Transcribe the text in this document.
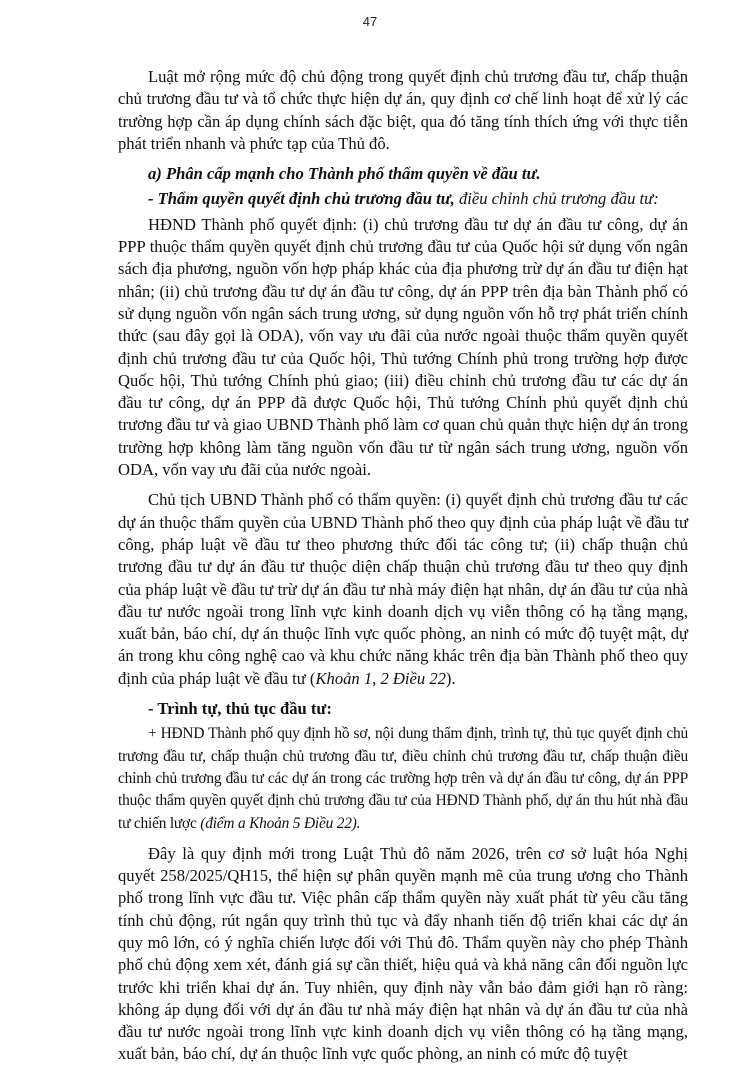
47

Luật mở rộng mức độ chủ động trong quyết định chủ trương đầu tư, chấp thuận chủ trương đầu tư và tổ chức thực hiện dự án, quy định cơ chế linh hoạt để xử lý các trường hợp cần áp dụng chính sách đặc biệt, qua đó tăng tính thích ứng với thực tiễn phát triển nhanh và phức tạp của Thủ đô.

a) Phân cấp mạnh cho Thành phố thẩm quyền về đầu tư.

- Thẩm quyền quyết định chủ trương đầu tư, điều chỉnh chủ trương đầu tư:

HĐND Thành phố quyết định: (i) chủ trương đầu tư dự án đầu tư công, dự án PPP thuộc thẩm quyền quyết định chủ trương đầu tư của Quốc hội sử dụng vốn ngân sách địa phương, nguồn vốn hợp pháp khác của địa phương trừ dự án đầu tư điện hạt nhân; (ii) chủ trương đầu tư dự án đầu tư công, dự án PPP trên địa bàn Thành phố có sử dụng nguồn vốn ngân sách trung ương, sử dụng nguồn vốn hỗ trợ phát triển chính thức (sau đây gọi là ODA), vốn vay ưu đãi của nước ngoài thuộc thẩm quyền quyết định chủ trương đầu tư của Quốc hội, Thủ tướng Chính phủ trong trường hợp được Quốc hội, Thủ tướng Chính phủ giao; (iii) điều chỉnh chủ trương đầu tư các dự án đầu tư công, dự án PPP đã được Quốc hội, Thủ tướng Chính phủ quyết định chủ trương đầu tư và giao UBND Thành phố làm cơ quan chủ quản thực hiện dự án trong trường hợp không làm tăng nguồn vốn đầu tư từ ngân sách trung ương, nguồn vốn ODA, vốn vay ưu đãi của nước ngoài.

Chủ tịch UBND Thành phố có thẩm quyền: (i) quyết định chủ trương đầu tư các dự án thuộc thẩm quyền của UBND Thành phố theo quy định của pháp luật về đầu tư công, pháp luật về đầu tư theo phương thức đối tác công tư; (ii) chấp thuận chủ trương đầu tư dự án đầu tư thuộc diện chấp thuận chủ trương đầu tư theo quy định của pháp luật về đầu tư trừ dự án đầu tư nhà máy điện hạt nhân, dự án đầu tư của nhà đầu tư nước ngoài trong lĩnh vực kinh doanh dịch vụ viễn thông có hạ tầng mạng, xuất bản, báo chí, dự án thuộc lĩnh vực quốc phòng, an ninh có mức độ tuyệt mật, dự án trong khu công nghệ cao và khu chức năng khác trên địa bàn Thành phố theo quy định của pháp luật về đầu tư (Khoản 1, 2 Điều 22).

- Trình tự, thủ tục đầu tư:

+ HĐND Thành phố quy định hồ sơ, nội dung thẩm định, trình tự, thủ tục quyết định chủ trương đầu tư, chấp thuận chủ trương đầu tư, điều chỉnh chủ trương đầu tư, chấp thuận điều chỉnh chủ trương đầu tư các dự án trong các trường hợp trên và dự án đầu tư công, dự án PPP thuộc thẩm quyền quyết định chủ trương đầu tư của HĐND Thành phố, dự án thu hút nhà đầu tư chiến lược (điểm a Khoản 5 Điều 22).

Đây là quy định mới trong Luật Thủ đô năm 2026, trên cơ sở luật hóa Nghị quyết 258/2025/QH15, thể hiện sự phân quyền mạnh mẽ của trung ương cho Thành phố trong lĩnh vực đầu tư. Việc phân cấp thẩm quyền này xuất phát từ yêu cầu tăng tính chủ động, rút ngắn quy trình thủ tục và đẩy nhanh tiến độ triển khai các dự án quy mô lớn, có ý nghĩa chiến lược đối với Thủ đô. Thẩm quyền này cho phép Thành phố chủ động xem xét, đánh giá sự cần thiết, hiệu quả và khả năng cân đối nguồn lực trước khi triển khai dự án. Tuy nhiên, quy định này vẫn bảo đảm giới hạn rõ ràng: không áp dụng đối với dự án đầu tư nhà máy điện hạt nhân và dự án đầu tư của nhà đầu tư nước ngoài trong lĩnh vực kinh doanh dịch vụ viễn thông có hạ tầng mạng, xuất bản, báo chí, dự án thuộc lĩnh vực quốc phòng, an ninh có mức độ tuyệt
